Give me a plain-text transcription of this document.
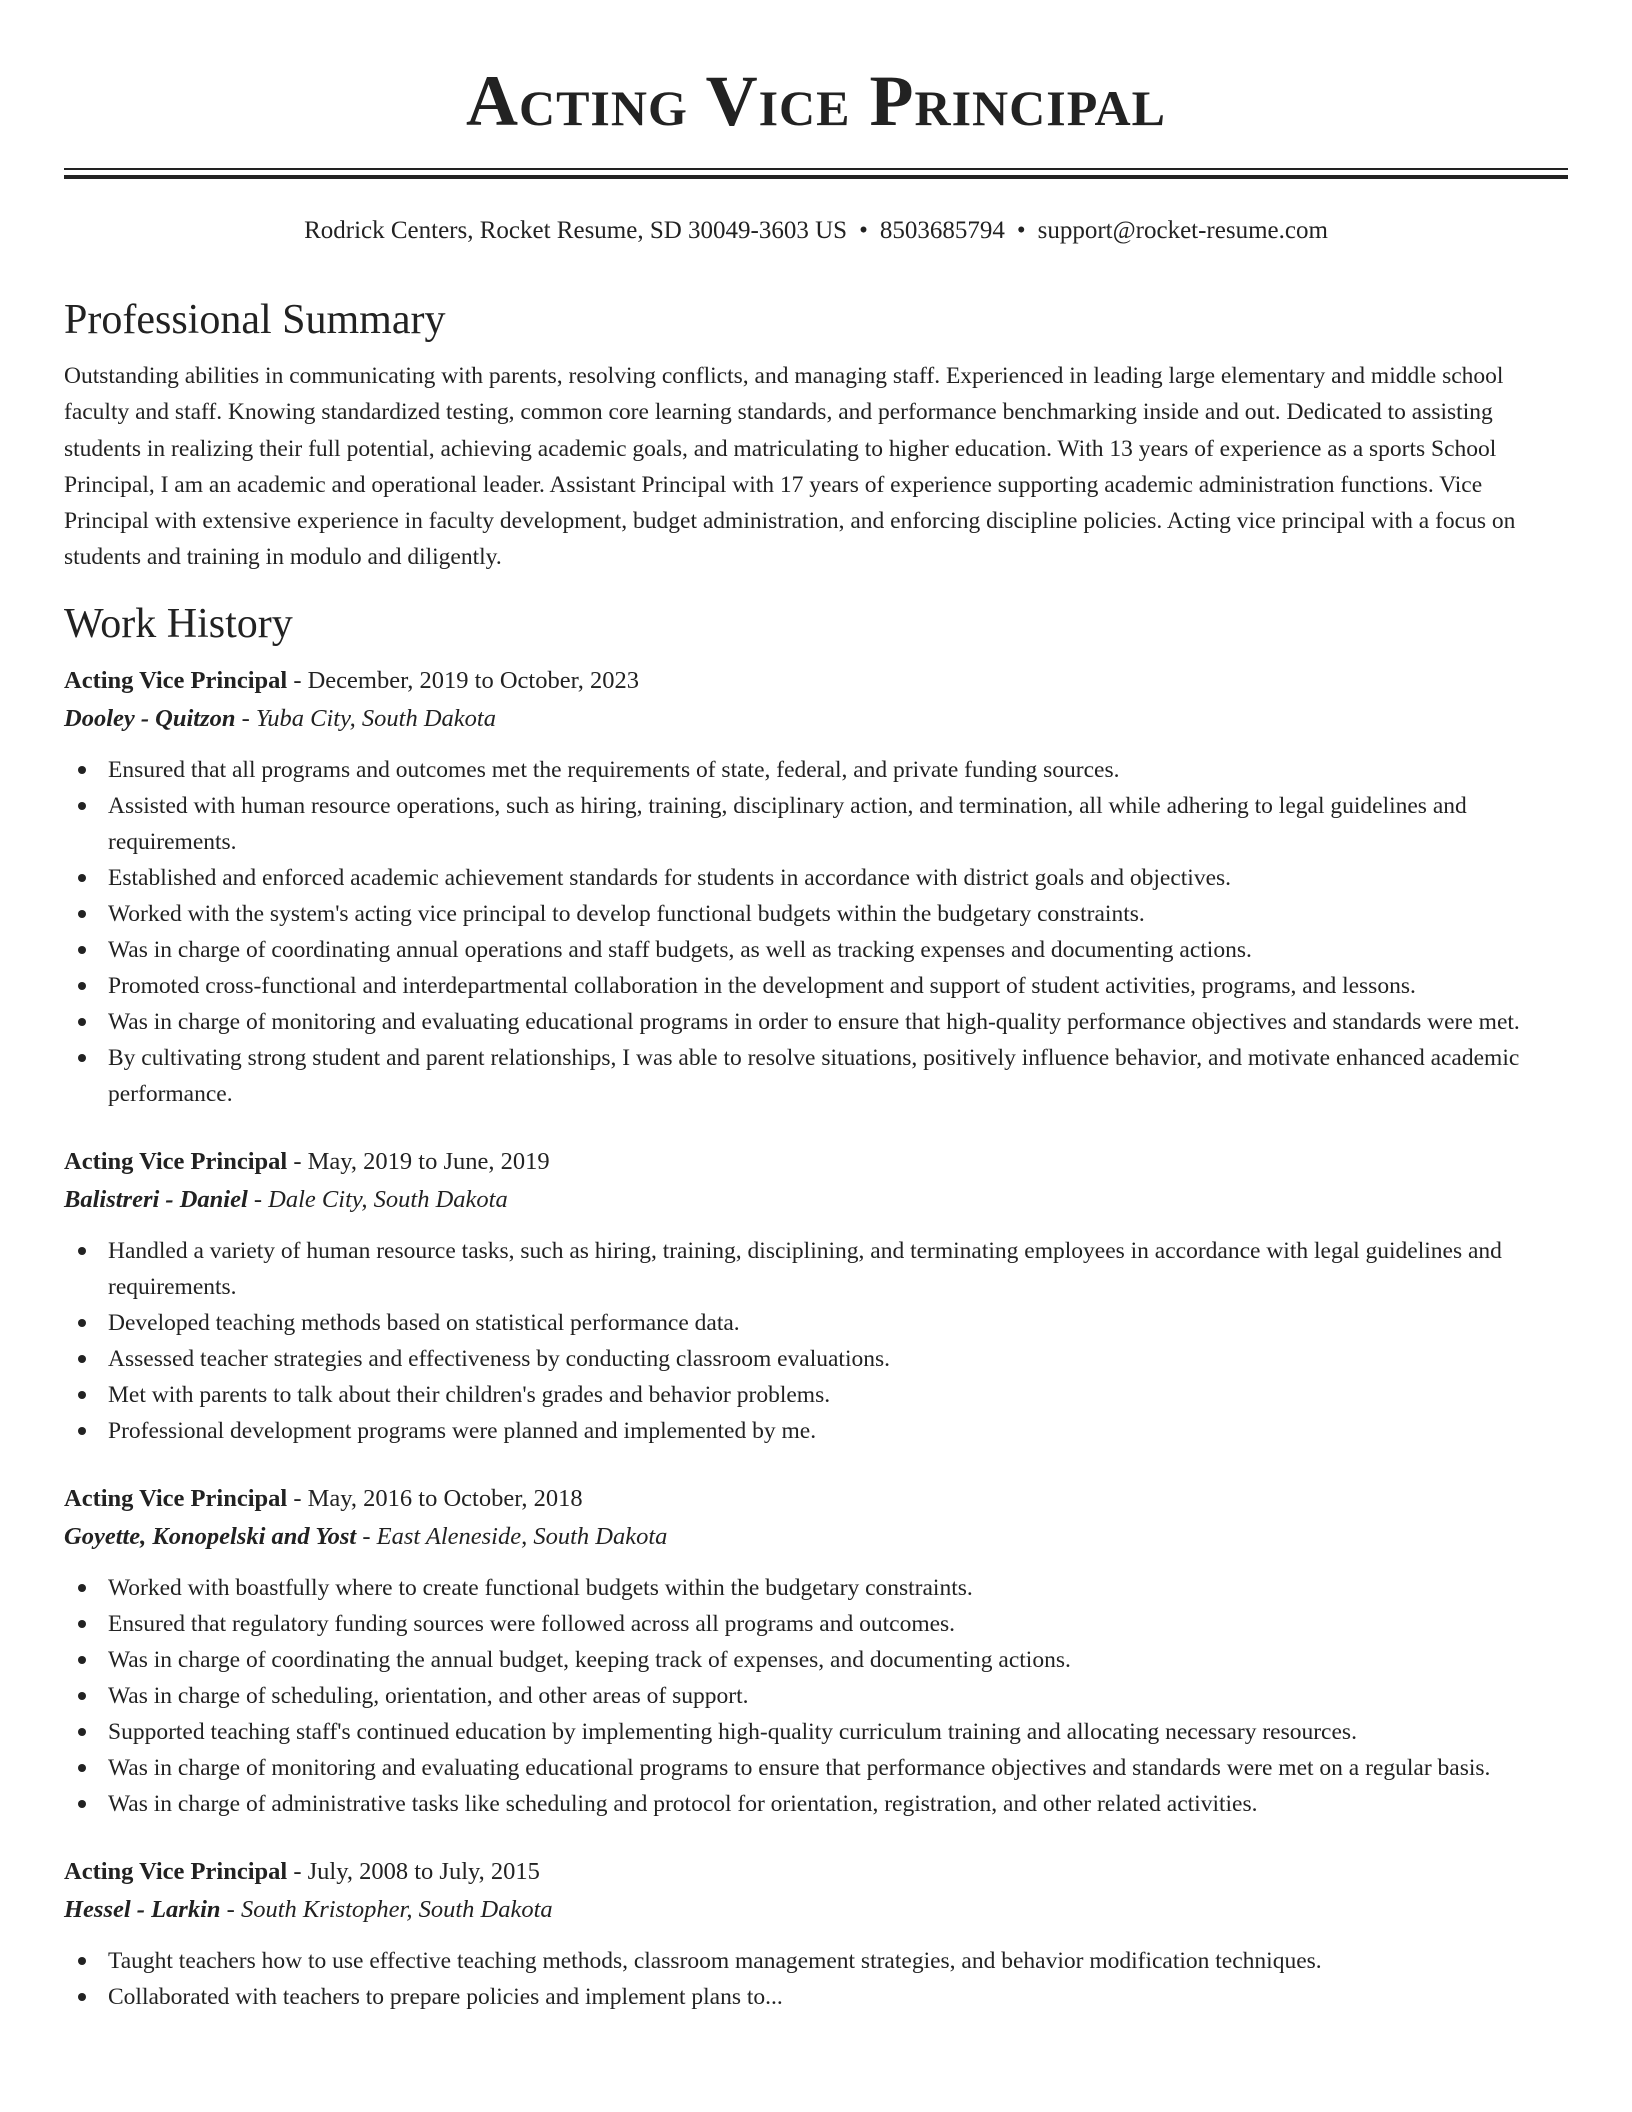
Acting Vice Principal
Rodrick Centers, Rocket Resume, SD 30049-3603 US • 8503685794 • support@rocket-resume.com
Professional Summary

Outstanding abilities in communicating with parents, resolving conflicts, and managing staff. Experienced in leading large elementary and middle school faculty and staff. Knowing standardized testing, common core learning standards, and performance benchmarking inside and out. Dedicated to assisting students in realizing their full potential, achieving academic goals, and matriculating to higher education. With 13 years of experience as a sports School Principal, I am an academic and operational leader. Assistant Principal with 17 years of experience supporting academic administration functions. Vice Principal with extensive experience in faculty development, budget administration, and enforcing discipline policies. Acting vice principal with a focus on students and training in modulo and diligently.

Work History
Acting Vice Principal - December, 2019 to October, 2023
Dooley - Quitzon - Yuba City, South Dakota
Ensured that all programs and outcomes met the requirements of state, federal, and private funding sources.
Assisted with human resource operations, such as hiring, training, disciplinary action, and termination, all while adhering to legal guidelines and requirements.
Established and enforced academic achievement standards for students in accordance with district goals and objectives.
Worked with the system's acting vice principal to develop functional budgets within the budgetary constraints.
Was in charge of coordinating annual operations and staff budgets, as well as tracking expenses and documenting actions.
Promoted cross-functional and interdepartmental collaboration in the development and support of student activities, programs, and lessons.
Was in charge of monitoring and evaluating educational programs in order to ensure that high-quality performance objectives and standards were met.
By cultivating strong student and parent relationships, I was able to resolve situations, positively influence behavior, and motivate enhanced academic performance.
Acting Vice Principal - May, 2019 to June, 2019
Balistreri - Daniel - Dale City, South Dakota
Handled a variety of human resource tasks, such as hiring, training, disciplining, and terminating employees in accordance with legal guidelines and requirements.
Developed teaching methods based on statistical performance data.
Assessed teacher strategies and effectiveness by conducting classroom evaluations.
Met with parents to talk about their children's grades and behavior problems.
Professional development programs were planned and implemented by me.
Acting Vice Principal - May, 2016 to October, 2018
Goyette, Konopelski and Yost - East Aleneside, South Dakota
Worked with boastfully where to create functional budgets within the budgetary constraints.
Ensured that regulatory funding sources were followed across all programs and outcomes.
Was in charge of coordinating the annual budget, keeping track of expenses, and documenting actions.
Was in charge of scheduling, orientation, and other areas of support.
Supported teaching staff's continued education by implementing high-quality curriculum training and allocating necessary resources.
Was in charge of monitoring and evaluating educational programs to ensure that performance objectives and standards were met on a regular basis.
Was in charge of administrative tasks like scheduling and protocol for orientation, registration, and other related activities.
Acting Vice Principal - July, 2008 to July, 2015
Hessel - Larkin - South Kristopher, South Dakota
Taught teachers how to use effective teaching methods, classroom management strategies, and behavior modification techniques.
Collaborated with teachers to prepare policies and implement plans to...
